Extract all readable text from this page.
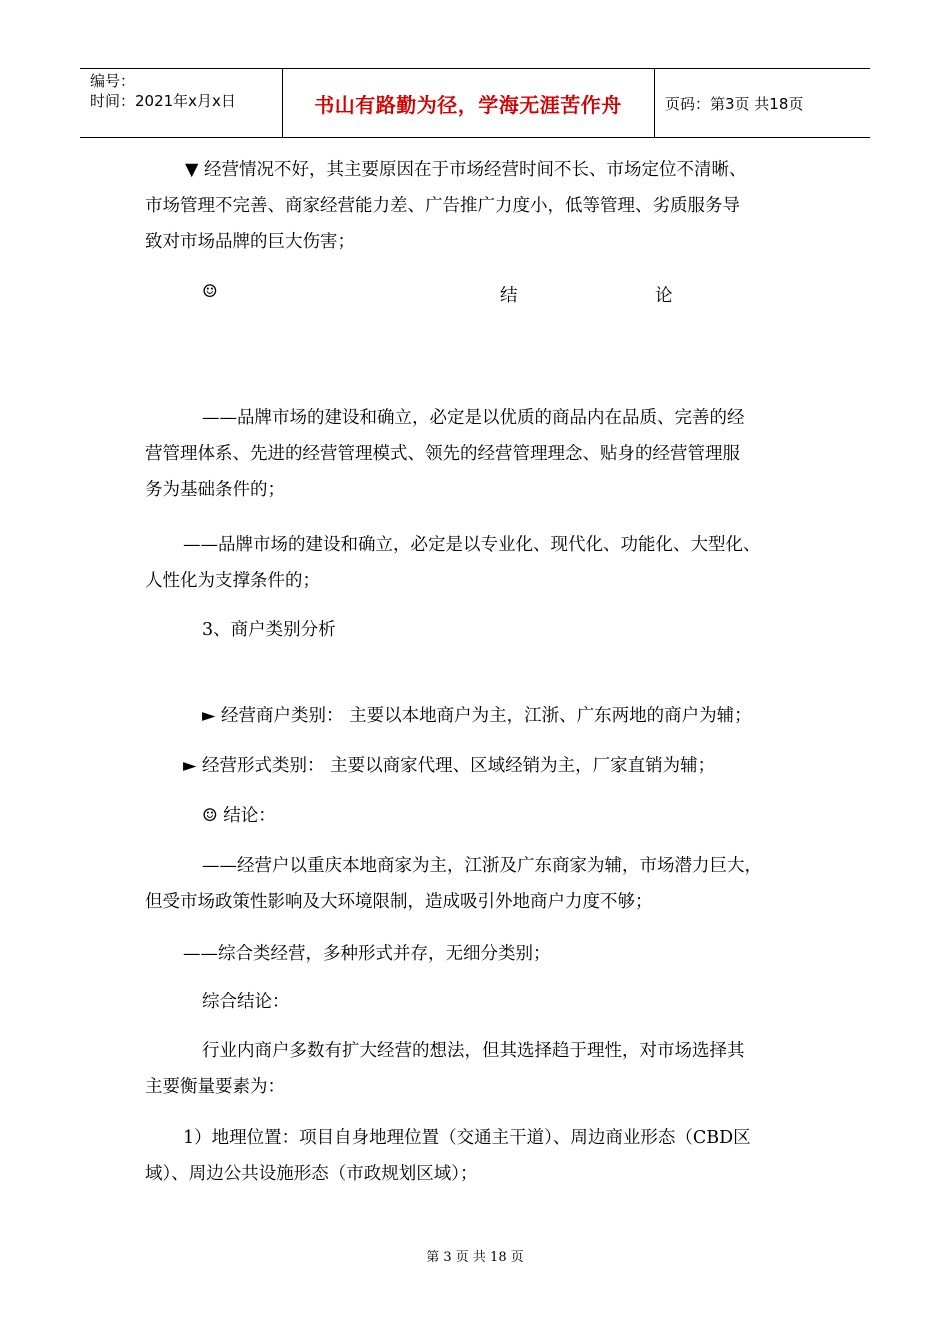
编号：
时间：2021年x月x日	书山有路勤为径，学海无涯苦作舟	页码：第3页 共18页
▼ 经营情况不好，其主要原因在于市场经营时间不长、市场定位不清晰、
市场管理不完善、商家经营能力差、广告推广力度小，低等管理、劣质服务导
致对市场品牌的巨大伤害；
☺	结	论
——品牌市场的建设和确立，必定是以优质的商品内在品质、完善的经
营管理体系、先进的经营管理模式、领先的经营管理理念、贴身的经营管理服
务为基础条件的；
——品牌市场的建设和确立，必定是以专业化、现代化、功能化、大型化、
人性化为支撑条件的；
3、商户类别分析
► 经营商户类别： 主要以本地商户为主，江浙、广东两地的商户为辅；
► 经营形式类别： 主要以商家代理、区域经销为主，厂家直销为辅；
☺ 结论：
——经营户以重庆本地商家为主，江浙及广东商家为辅，市场潜力巨大，
但受市场政策性影响及大环境限制，造成吸引外地商户力度不够；
——综合类经营，多种形式并存，无细分类别；
综合结论：
行业内商户多数有扩大经营的想法，但其选择趋于理性，对市场选择其
主要衡量要素为：
1）地理位置：项目自身地理位置（交通主干道）、周边商业形态（CBD区
域）、周边公共设施形态（市政规划区域）；
第 3 页 共 18 页
